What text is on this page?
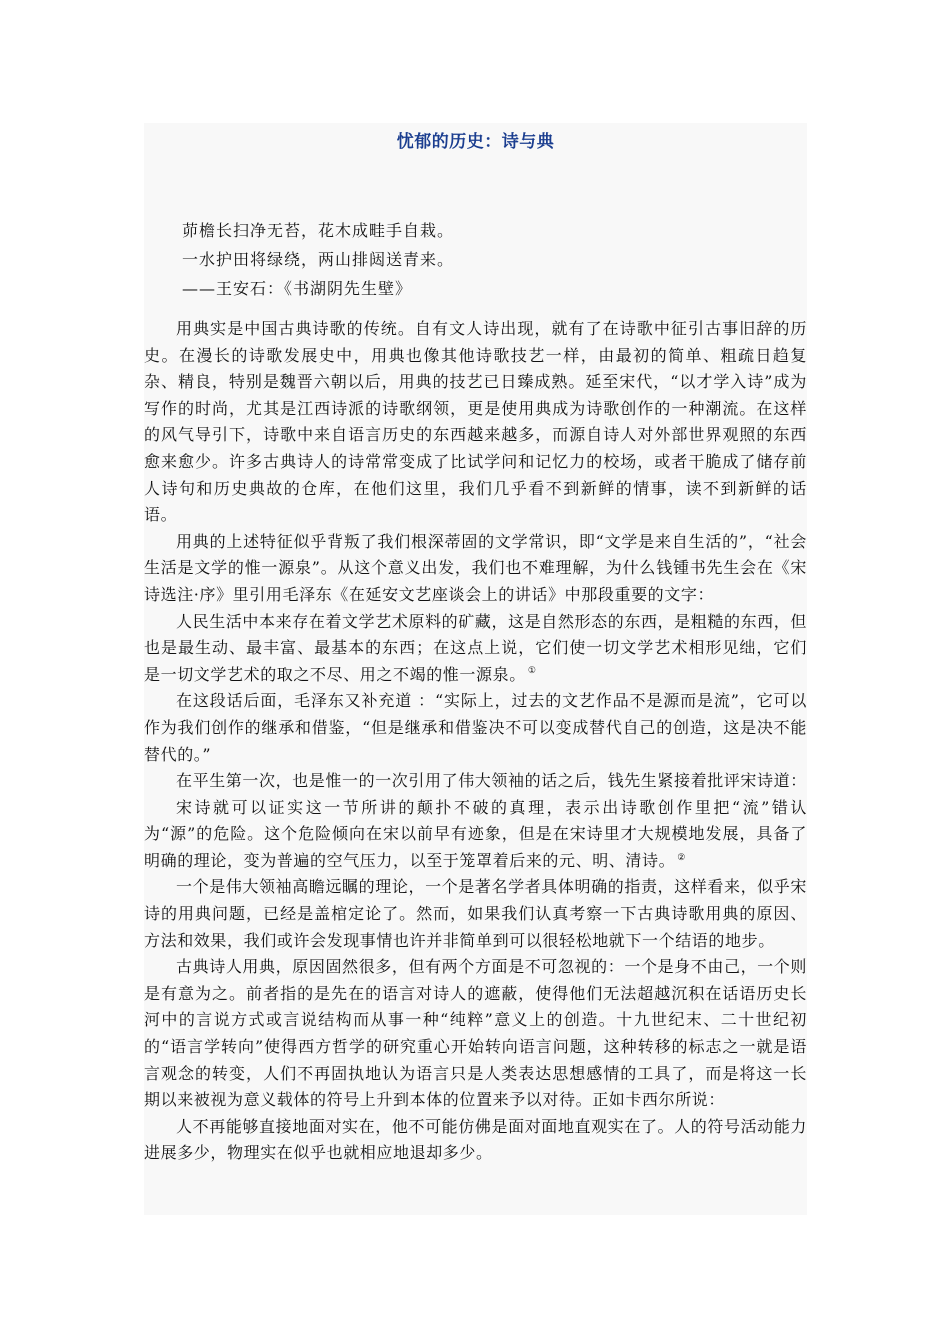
忧郁的历史：诗与典
茆檐长扫净无苔，花木成畦手自栽。
一水护田将绿绕，两山排闼送青来。
——王安石：《书湖阴先生壁》

用典实是中国古典诗歌的传统。自有文人诗出现，就有了在诗歌中征引古事旧辞的历史。在漫长的诗歌发展史中，用典也像其他诗歌技艺一样，由最初的简单、粗疏日趋复杂、精良，特别是魏晋六朝以后，用典的技艺已日臻成熟。延至宋代，“以才学入诗”成为写作的时尚，尤其是江西诗派的诗歌纲领，更是使用典成为诗歌创作的一种潮流。在这样的风气导引下，诗歌中来自语言历史的东西越来越多，而源自诗人对外部世界观照的东西愈来愈少。许多古典诗人的诗常常变成了比试学问和记忆力的校场，或者干脆成了储存前人诗句和历史典故的仓库，在他们这里，我们几乎看不到新鲜的情事，读不到新鲜的话语。

用典的上述特征似乎背叛了我们根深蒂固的文学常识，即“文学是来自生活的”，“社会生活是文学的惟一源泉”。从这个意义出发，我们也不难理解，为什么钱锺书先生会在《宋诗选注·序》里引用毛泽东《在延安文艺座谈会上的讲话》中那段重要的文字：

人民生活中本来存在着文学艺术原料的矿藏，这是自然形态的东西，是粗糙的东西，但也是最生动、最丰富、最基本的东西；在这点上说，它们使一切文学艺术相形见绌，它们是一切文学艺术的取之不尽、用之不竭的惟一源泉。 ①

在这段话后面，毛泽东又补充道 ：“实际上，过去的文艺作品不是源而是流”，它可以作为我们创作的继承和借鉴，“但是继承和借鉴决不可以变成替代自己的创造，这是决不能替代的。”

在平生第一次，也是惟一的一次引用了伟大领袖的话之后，钱先生紧接着批评宋诗道：

宋诗就可以证实这一节所讲的颠扑不破的真理，表示出诗歌创作里把“流”错认为“源”的危险。这个危险倾向在宋以前早有迹象，但是在宋诗里才大规模地发展，具备了明确的理论，变为普遍的空气压力，以至于笼罩着后来的元、明、清诗。 ②

一个是伟大领袖高瞻远瞩的理论，一个是著名学者具体明确的指责，这样看来，似乎宋诗的用典问题，已经是盖棺定论了。然而，如果我们认真考察一下古典诗歌用典的原因、方法和效果，我们或许会发现事情也许并非简单到可以很轻松地就下一个结语的地步。

古典诗人用典，原因固然很多，但有两个方面是不可忽视的：一个是身不由己，一个则是有意为之。前者指的是先在的语言对诗人的遮蔽，使得他们无法超越沉积在话语历史长河中的言说方式或言说结构而从事一种“纯粹”意义上的创造。十九世纪末、二十世纪初的“语言学转向”使得西方哲学的研究重心开始转向语言问题，这种转移的标志之一就是语言观念的转变，人们不再固执地认为语言只是人类表达思想感情的工具了，而是将这一长期以来被视为意义载体的符号上升到本体的位置来予以对待。正如卡西尔所说：

人不再能够直接地面对实在，他不可能仿佛是面对面地直观实在了。人的符号活动能力进展多少，物理实在似乎也就相应地退却多少。
